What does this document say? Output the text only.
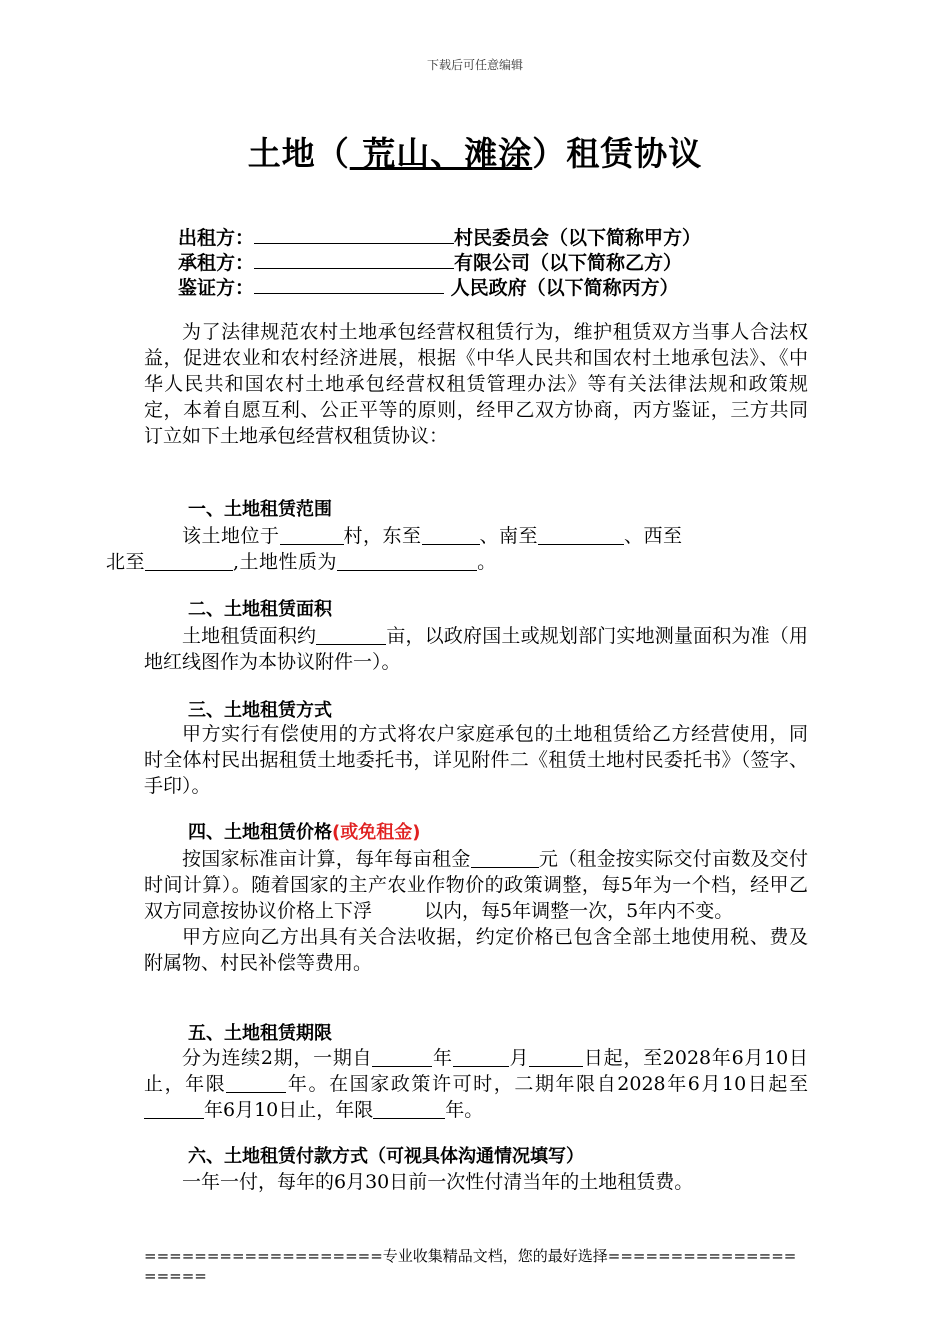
下载后可任意编辑
土地（ 荒山、滩涂）租赁协议
出租方：	村民委员会（以下简称甲方）
承租方：	有限公司（以下简称乙方）
鉴证方：	人民政府（以下简称丙方）

为了法律规范农村土地承包经营权租赁行为，维护租赁双方当事人合法权益，促进农业和农村经济进展，根据《中华人民共和国农村土地承包法》、《中华人民共和国农村土地承包经营权租赁管理办法》等有关法律法规和政策规定，本着自愿互利、公正平等的原则，经甲乙双方协商，丙方鉴证，三方共同订立如下土地承包经营权租赁协议：

一、土地租赁范围

该土地位于	村，东至	、南至	、西至
北至	,土地性质为	。

二、土地租赁面积

土地租赁面积约	亩，以政府国土或规划部门实地测量面积为准（用地红线图作为本协议附件一）。

三、土地租赁方式

甲方实行有偿使用的方式将农户家庭承包的土地租赁给乙方经营使用，同时全体村民出据租赁土地委托书，详见附件二《租赁土地村民委托书》（签字、手印）。

四、土地租赁价格(或免租金)

按国家标准亩计算，每年每亩租金	元（租金按实际交付亩数及交付时间计算）。随着国家的主产农业作物价的政策调整，每5年为一个档，经甲乙双方同意按协议价格上下浮	以内，每5年调整一次，5年内不变。

甲方应向乙方出具有关合法收据，约定价格已包含全部土地使用税、费及附属物、村民补偿等费用。

五、土地租赁期限

分为连续2期，一期自	年	月	日起，至2028年6月10日止，年限	年。在国家政策许可时，二期年限自2028年6月10日起至年6月10日止，年限	年。

六、土地租赁付款方式（可视具体沟通情况填写）

一年一付，每年的6月30日前一次性付清当年的土地租赁费。

===================专业收集精品文档，您的最好选择====================
